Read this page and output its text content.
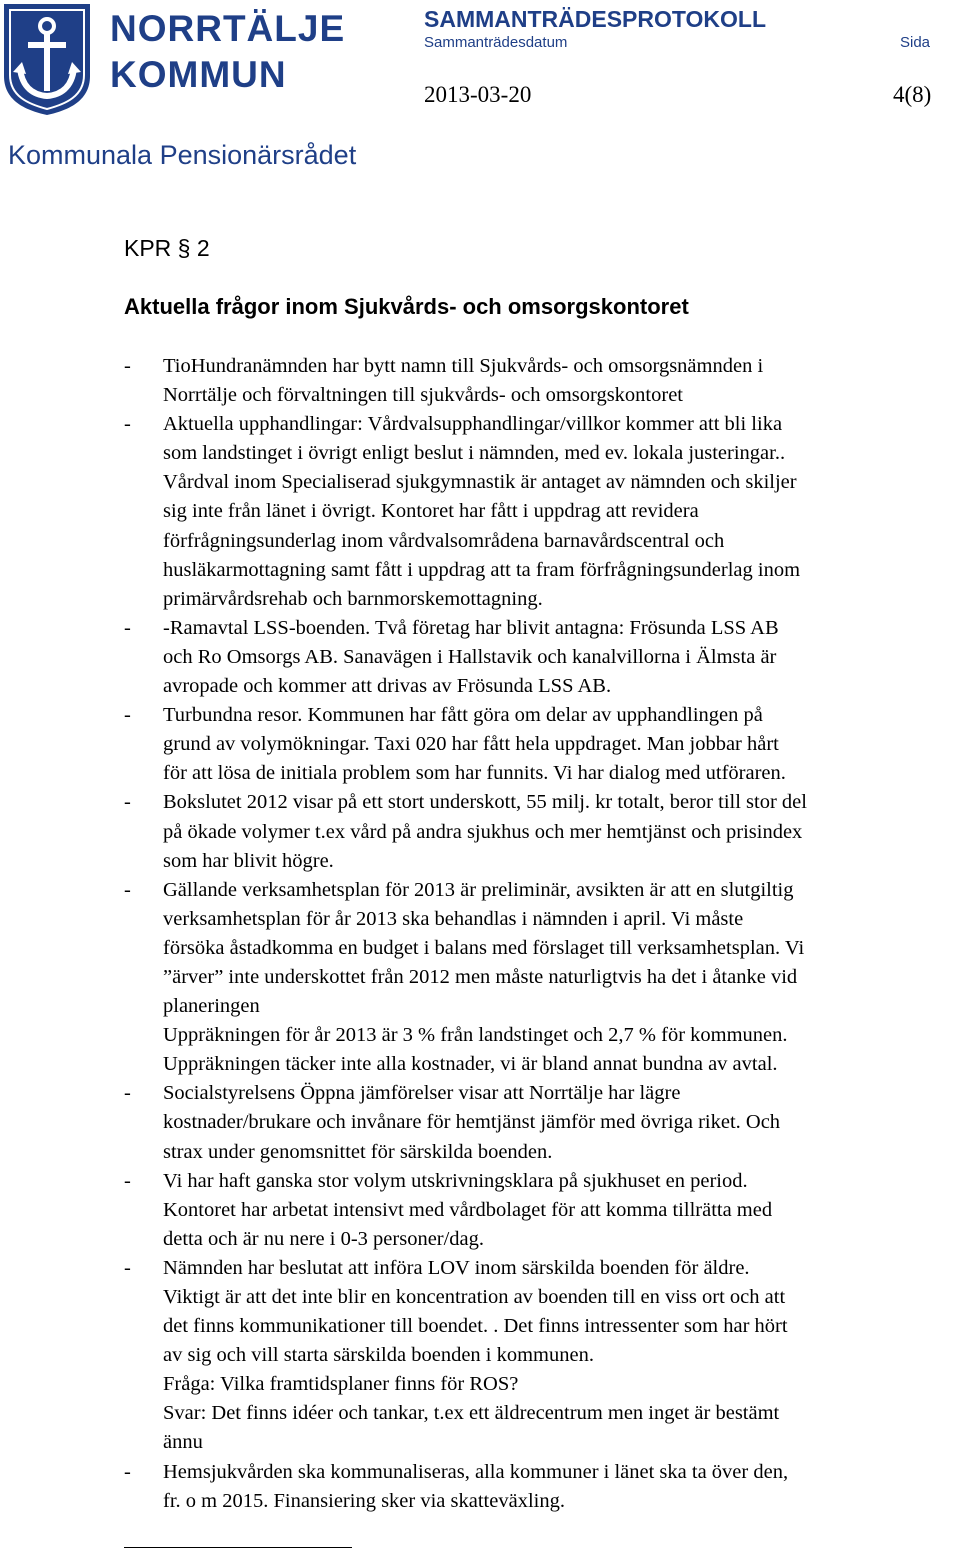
NORRTÄLJE
KOMMUN
SAMMANTRÄDESPROTOKOLL
Sammanträdesdatum	Sida
2013-03-20	4(8)
Kommunala Pensionärsrådet
KPR § 2
Aktuella frågor inom Sjukvårds- och omsorgskontoret
-	TioHundranämnden har bytt namn till Sjukvårds- och omsorgsnämnden i
Norrtälje och förvaltningen till sjukvårds- och omsorgskontoret
-	Aktuella upphandlingar: Vårdvalsupphandlingar/villkor kommer att bli lika
som landstinget i övrigt enligt beslut i nämnden, med ev. lokala justeringar..
Vårdval inom Specialiserad sjukgymnastik är antaget av nämnden och skiljer
sig inte från länet i övrigt. Kontoret har fått i uppdrag att revidera
förfrågningsunderlag inom vårdvalsområdena barnavårdscentral och
husläkarmottagning samt fått i uppdrag att ta fram förfrågningsunderlag inom
primärvårdsrehab och barnmorskemottagning.
-	-Ramavtal LSS-boenden. Två företag har blivit antagna: Frösunda LSS AB
och Ro Omsorgs AB. Sanavägen i Hallstavik och kanalvillorna i Älmsta är
avropade och kommer att drivas av Frösunda LSS AB.
-	Turbundna resor. Kommunen har fått göra om delar av upphandlingen på
grund av volymökningar. Taxi 020 har fått hela uppdraget. Man jobbar hårt
för att lösa de initiala problem som har funnits. Vi har dialog med utföraren.
-	Bokslutet 2012 visar på ett stort underskott, 55 milj. kr totalt, beror till stor del
på ökade volymer t.ex vård på andra sjukhus och mer hemtjänst och prisindex
som har blivit högre.
-	Gällande verksamhetsplan för 2013 är preliminär, avsikten är att en slutgiltig
verksamhetsplan för år 2013 ska behandlas i nämnden i april. Vi måste
försöka åstadkomma en budget i balans med förslaget till verksamhetsplan. Vi
”ärver” inte underskottet från 2012 men måste naturligtvis ha det i åtanke vid
planeringen
Uppräkningen för år 2013 är 3 % från landstinget och 2,7 % för kommunen.
Uppräkningen täcker inte alla kostnader, vi är bland annat bundna av avtal.
-	Socialstyrelsens Öppna jämförelser visar att Norrtälje har lägre
kostnader/brukare och invånare för hemtjänst jämför med övriga riket. Och
strax under genomsnittet för särskilda boenden.
-	Vi har haft ganska stor volym utskrivningsklara på sjukhuset en period.
Kontoret har arbetat intensivt med vårdbolaget för att komma tillrätta med
detta och är nu nere i 0-3 personer/dag.
-	Nämnden har beslutat att införa LOV inom särskilda boenden för äldre.
Viktigt är att det inte blir en koncentration av boenden till en viss ort och att
det finns kommunikationer till boendet. . Det finns intressenter som har hört
av sig och vill starta särskilda boenden i kommunen.
Fråga: Vilka framtidsplaner finns för ROS?
Svar: Det finns idéer och tankar, t.ex ett äldrecentrum men inget är bestämt
ännu
-	Hemsjukvården ska kommunaliseras, alla kommuner i länet ska ta över den,
fr. o m 2015. Finansiering sker via skatteväxling.
